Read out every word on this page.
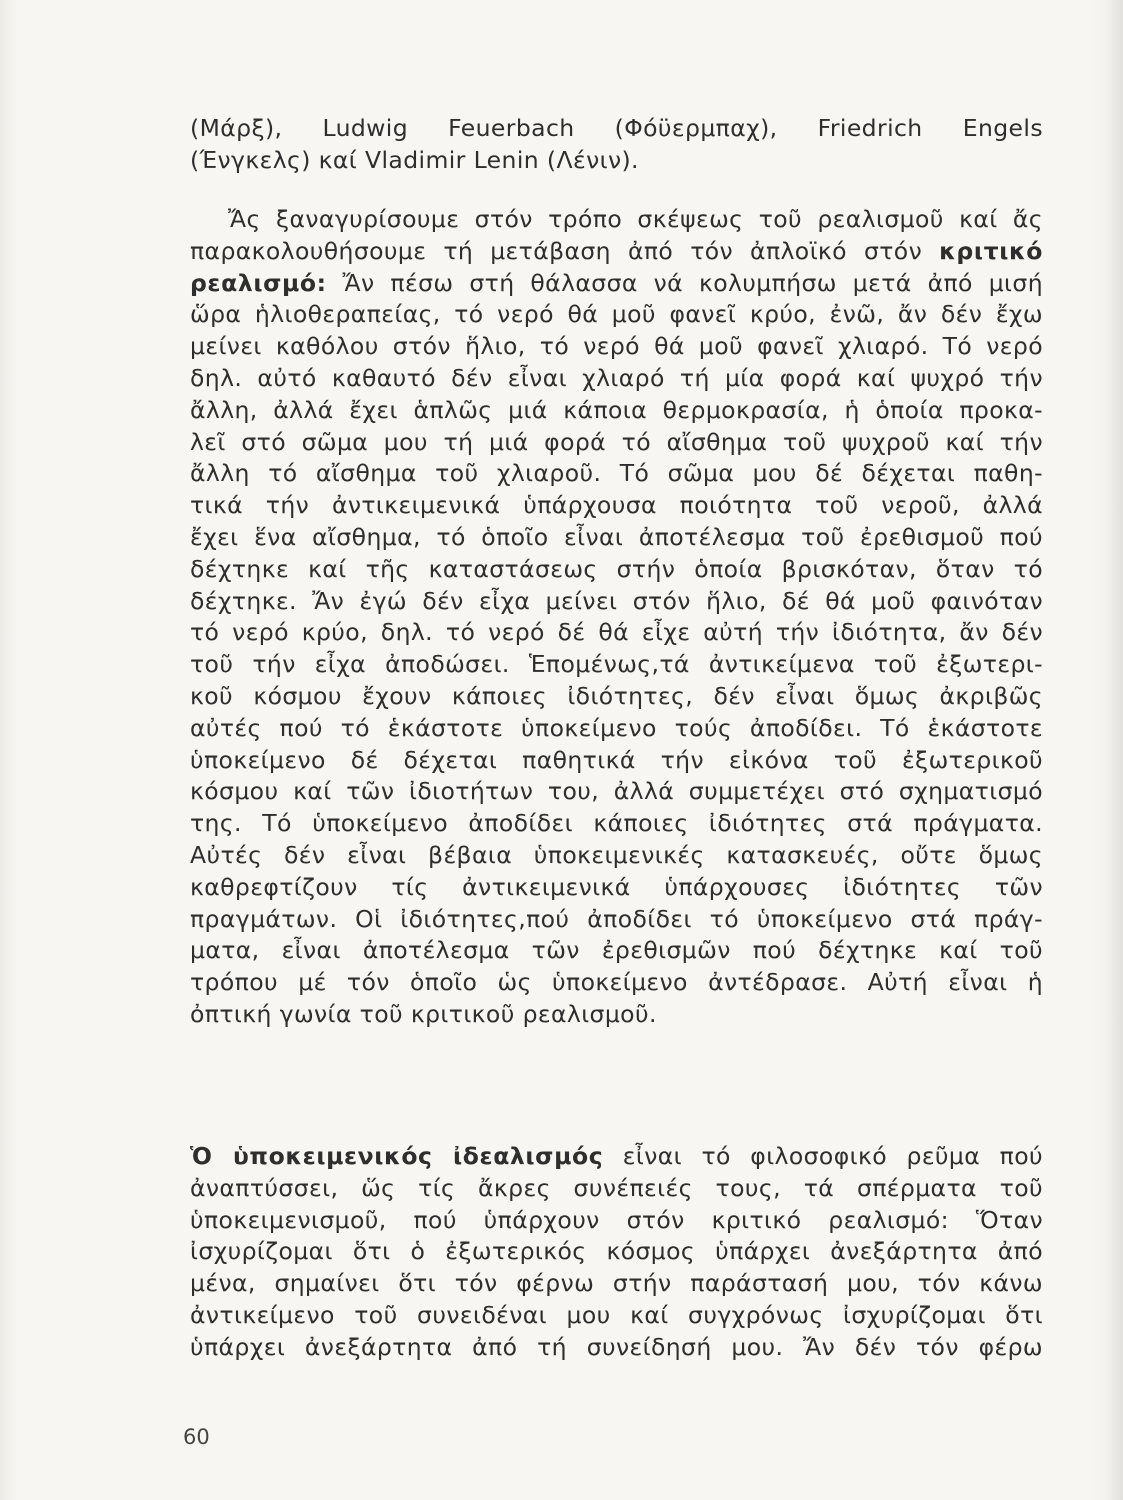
(Μάρξ), Ludwig Feuerbach (Φόϋερμπαχ), Friedrich Engels
(Ένγκελς) καί Vladimir Lenin (Λένιν).
Ἄς ξαναγυρίσουμε στόν τρόπο σκέψεως τοῦ ρεαλισμοῦ καί ἄς
παρακολουθήσουμε τή μετάβαση ἀπό τόν ἀπλοϊκό στόν κριτικό
ρεαλισμό: Ἄν πέσω στή θάλασσα νά κολυμπήσω μετά ἀπό μισή
ὥρα ἡλιοθεραπείας, τό νερό θά μοῦ φανεῖ κρύο, ἐνῶ, ἄν δέν ἔχω
μείνει καθόλου στόν ἥλιο, τό νερό θά μοῦ φανεῖ χλιαρό. Τό νερό
δηλ. αὐτό καθαυτό δέν εἶναι χλιαρό τή μία φορά καί ψυχρό τήν
ἄλλη, ἀλλά ἔχει ἁπλῶς μιά κάποια θερμοκρασία, ἡ ὁποία προκα-
λεῖ στό σῶμα μου τή μιά φορά τό αἴσθημα τοῦ ψυχροῦ καί τήν
ἄλλη τό αἴσθημα τοῦ χλιαροῦ. Τό σῶμα μου δέ δέχεται παθη-
τικά τήν ἀντικειμενικά ὑπάρχουσα ποιότητα τοῦ νεροῦ, ἀλλά
ἔχει ἕνα αἴσθημα, τό ὁποῖο εἶναι ἀποτέλεσμα τοῦ ἐρεθισμοῦ πού
δέχτηκε καί τῆς καταστάσεως στήν ὁποία βρισκόταν, ὅταν τό
δέχτηκε. Ἄν ἐγώ δέν εἶχα μείνει στόν ἥλιο, δέ θά μοῦ φαινόταν
τό νερό κρύο, δηλ. τό νερό δέ θά εἶχε αὐτή τήν ἰδιότητα, ἄν δέν
τοῦ τήν εἶχα ἀποδώσει. Ἑπομένως,τά ἀντικείμενα τοῦ ἐξωτερι-
κοῦ κόσμου ἔχουν κάποιες ἰδιότητες, δέν εἶναι ὅμως ἀκριβῶς
αὐτές πού τό ἑκάστοτε ὑποκείμενο τούς ἀποδίδει. Τό ἑκάστοτε
ὑποκείμενο δέ δέχεται παθητικά τήν εἰκόνα τοῦ ἐξωτερικοῦ
κόσμου καί τῶν ἰδιοτήτων του, ἀλλά συμμετέχει στό σχηματισμό
της. Τό ὑποκείμενο ἀποδίδει κάποιες ἰδιότητες στά πράγματα.
Αὐτές δέν εἶναι βέβαια ὑποκειμενικές κατασκευές, οὔτε ὅμως
καθρεφτίζουν τίς ἀντικειμενικά ὑπάρχουσες ἰδιότητες τῶν
πραγμάτων. Οἱ ἰδιότητες,πού ἀποδίδει τό ὑποκείμενο στά πράγ-
ματα, εἶναι ἀποτέλεσμα τῶν ἐρεθισμῶν πού δέχτηκε καί τοῦ
τρόπου μέ τόν ὁποῖο ὡς ὑποκείμενο ἀντέδρασε. Αὐτή εἶναι ἡ
ὀπτική γωνία τοῦ κριτικοῦ ρεαλισμοῦ.
Ὁ ὑποκειμενικός ἰδεαλισμός εἶναι τό φιλοσοφικό ρεῦμα πού
ἀναπτύσσει, ὥς τίς ἄκρες συνέπειές τους, τά σπέρματα τοῦ
ὑποκειμενισμοῦ, πού ὑπάρχουν στόν κριτικό ρεαλισμό: Ὅταν
ἰσχυρίζομαι ὅτι ὁ ἐξωτερικός κόσμος ὑπάρχει ἀνεξάρτητα ἀπό
μένα, σημαίνει ὅτι τόν φέρνω στήν παράστασή μου, τόν κάνω
ἀντικείμενο τοῦ συνειδέναι μου καί συγχρόνως ἰσχυρίζομαι ὅτι
ὑπάρχει ἀνεξάρτητα ἀπό τή συνείδησή μου. Ἄν δέν τόν φέρω
60
